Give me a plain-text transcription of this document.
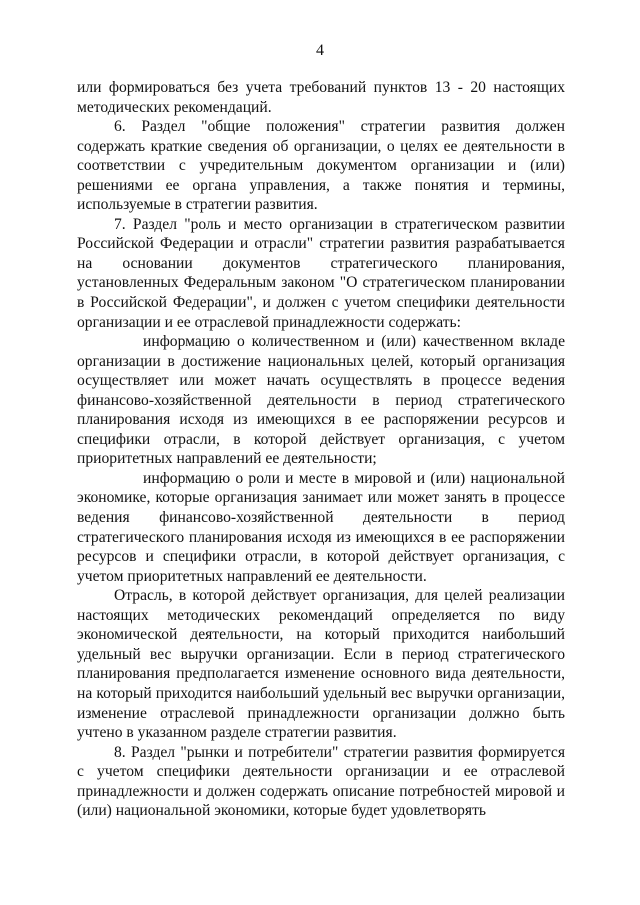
4

или формироваться без учета требований пунктов 13 - 20 настоящих методических рекомендаций.

6. Раздел "общие положения" стратегии развития должен содержать краткие сведения об организации, о целях ее деятельности в соответствии с учредительным документом организации и (или) решениями ее органа управления, а также понятия и термины, используемые в стратегии развития.

7. Раздел "роль и место организации в стратегическом развитии Российской Федерации и отрасли" стратегии развития разрабатывается на основании документов стратегического планирования, установленных Федеральным законом "О стратегическом планировании в Российской Федерации", и должен с учетом специфики деятельности организации и ее отраслевой принадлежности содержать:

информацию о количественном и (или) качественном вкладе организации в достижение национальных целей, который организация осуществляет или может начать осуществлять в процессе ведения финансово-хозяйственной деятельности в период стратегического планирования исходя из имеющихся в ее распоряжении ресурсов и специфики отрасли, в которой действует организация, с учетом приоритетных направлений ее деятельности;

информацию о роли и месте в мировой и (или) национальной экономике, которые организация занимает или может занять в процессе ведения финансово-хозяйственной деятельности в период стратегического планирования исходя из имеющихся в ее распоряжении ресурсов и специфики отрасли, в которой действует организация, с учетом приоритетных направлений ее деятельности.

Отрасль, в которой действует организация, для целей реализации настоящих методических рекомендаций определяется по виду экономической деятельности, на который приходится наибольший удельный вес выручки организации. Если в период стратегического планирования предполагается изменение основного вида деятельности, на который приходится наибольший удельный вес выручки организации, изменение отраслевой принадлежности организации должно быть учтено в указанном разделе стратегии развития.

8. Раздел "рынки и потребители" стратегии развития формируется с учетом специфики деятельности организации и ее отраслевой принадлежности и должен содержать описание потребностей мировой и (или) национальной экономики, которые будет удовлетворять
